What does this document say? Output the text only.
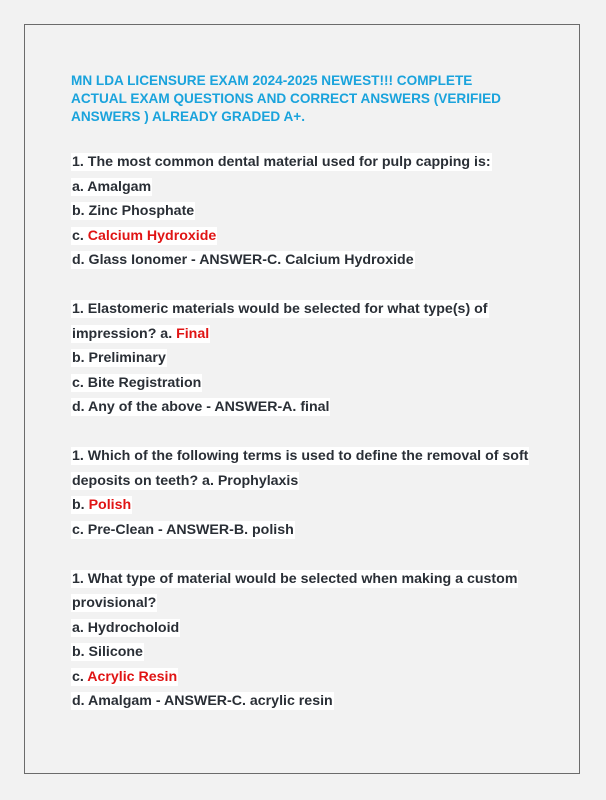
MN LDA LICENSURE EXAM 2024-2025 NEWEST!!! COMPLETE
ACTUAL EXAM QUESTIONS AND CORRECT ANSWERS (VERIFIED
ANSWERS ) ALREADY GRADED A+.
1. The most common dental material used for pulp capping is:
a. Amalgam
b. Zinc Phosphate
c. Calcium Hydroxide
d. Glass Ionomer - ANSWER-C. Calcium Hydroxide
1. Elastomeric materials would be selected for what type(s) of
impression? a. Final
b. Preliminary
c. Bite Registration
d. Any of the above - ANSWER-A. final
1. Which of the following terms is used to define the removal of soft
deposits on teeth? a. Prophylaxis
b. Polish
c. Pre-Clean - ANSWER-B. polish
1. What type of material would be selected when making a custom
provisional?
a. Hydrocholoid
b. Silicone
c. Acrylic Resin
d. Amalgam - ANSWER-C. acrylic resin
